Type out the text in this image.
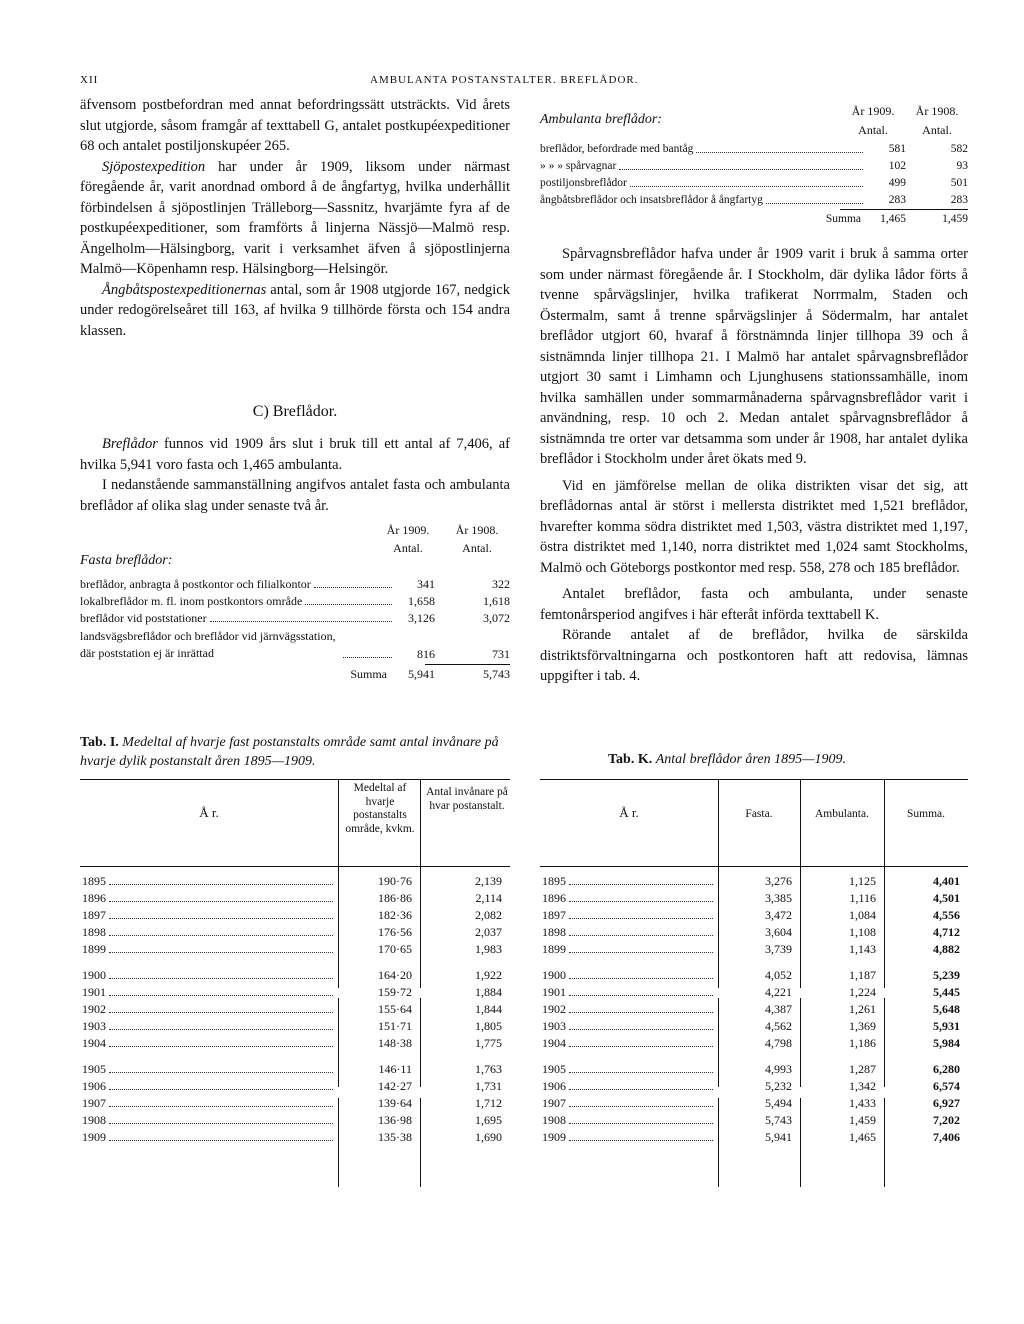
XII	AMBULANTA POSTANSTALTER. BREFLÅDOR.

äfvensom postbefordran med annat befordringssätt utsträckts. Vid årets slut utgjorde, såsom framgår af texttabell G, antalet postkupéexpeditioner 68 och antalet postiljonskupéer 265.

Sjöpostexpedition har under år 1909, liksom under närmast föregående år, varit anordnad ombord å de ångfartyg, hvilka underhållit förbindelsen å sjöpostlinjen Trälleborg—Sassnitz, hvarjämte fyra af de postkupéexpeditioner, som framförts å linjerna Nässjö—Malmö resp. Ängelholm—Hälsingborg, varit i verksamhet äfven å sjöpostlinjerna Malmö—Köpenhamn resp. Hälsingborg—Helsingör.

Ångbåtspostexpeditionernas antal, som år 1908 utgjorde 167, nedgick under redogörelseåret till 163, af hvilka 9 tillhörde första och 154 andra klassen.

C) Breflådor.

Breflådor funnos vid 1909 års slut i bruk till ett antal af 7,406, af hvilka 5,941 voro fasta och 1,465 ambulanta.

I nedanstående sammanställning angifvos antalet fasta och ambulanta breflådor af olika slag under senaste två år.

År 1909.	År 1908.
Antal.	Antal.
Fasta breflådor:
breflådor, anbragta å postkontor och filialkontor	341	322
lokalbreflådor m. fl. inom postkontors område	1,658	1,618
breflådor vid poststationer	3,126	3,072
landsvägsbreflådor och breflådor vid järnvägsstation, där poststation ej är inrättad	816	731
Summa	5,941	5,743
År 1909.	År 1908.
Ambulanta breflådor:
Antal.	Antal.
breflådor, befordrade med bantåg	581	582
» » » spårvagnar	102	93
postiljonsbreflådor	499	501
ångbåtsbreflådor och insatsbreflådor å ångfartyg	283	283
Summa	1,465	1,459

Spårvagnsbreflådor hafva under år 1909 varit i bruk å samma orter som under närmast föregående år. I Stockholm, där dylika lådor förts å tvenne spårvägslinjer, hvilka trafikerat Norrmalm, Staden och Östermalm, samt å trenne spårvägslinjer å Södermalm, har antalet breflådor utgjort 60, hvaraf å förstnämnda linjer tillhopa 39 och å sistnämnda linjer tillhopa 21. I Malmö har antalet spårvagnsbreflådor utgjort 30 samt i Limhamn och Ljunghusens stationssamhälle, inom hvilka samhällen under sommarmånaderna spårvagnsbreflådor varit i användning, resp. 10 och 2. Medan antalet spårvagnsbreflådor å sistnämnda tre orter var detsamma som under år 1908, har antalet dylika breflådor i Stockholm under året ökats med 9.

Vid en jämförelse mellan de olika distrikten visar det sig, att breflådornas antal är störst i mellersta distriktet med 1,521 breflådor, hvarefter komma södra distriktet med 1,503, västra distriktet med 1,197, östra distriktet med 1,140, norra distriktet med 1,024 samt Stockholms, Malmö och Göteborgs postkontor med resp. 558, 278 och 185 breflådor.

Antalet breflådor, fasta och ambulanta, under senaste femtonårsperiod angifves i här efteråt införda texttabell K.

Rörande antalet af de breflådor, hvilka de särskilda distriktsförvaltningarna och postkontoren haft att redovisa, lämnas uppgifter i tab. 4.

Tab. I. Medeltal af hvarje fast postanstalts område samt antal invånare på hvarje dylik postanstalt åren 1895—1909.
Å r.
Medeltal af hvarje postanstalts område, kvkm.
Antal invånare på hvar postanstalt.
1895	190·76	2,139

1896	186·86	2,114

1897	182·36	2,082

1898	176·56	2,037

1899	170·65	1,983

1900	164·20	1,922

1901	159·72	1,884

1902	155·64	1,844

1903	151·71	1,805

1904	148·38	1,775

1905	146·11	1,763

1906	142·27	1,731

1907	139·64	1,712

1908	136·98	1,695

1909	135·38	1,690
Tab. K. Antal breflådor åren 1895—1909.
Å r.	Fasta.	Ambulanta.	Summa.
1895	3,276	1,125	4,401

1896	3,385	1,116	4,501

1897	3,472	1,084	4,556

1898	3,604	1,108	4,712

1899	3,739	1,143	4,882

1900	4,052	1,187	5,239

1901	4,221	1,224	5,445

1902	4,387	1,261	5,648

1903	4,562	1,369	5,931

1904	4,798	1,186	5,984

1905	4,993	1,287	6,280

1906	5,232	1,342	6,574

1907	5,494	1,433	6,927

1908	5,743	1,459	7,202

1909	5,941	1,465	7,406
